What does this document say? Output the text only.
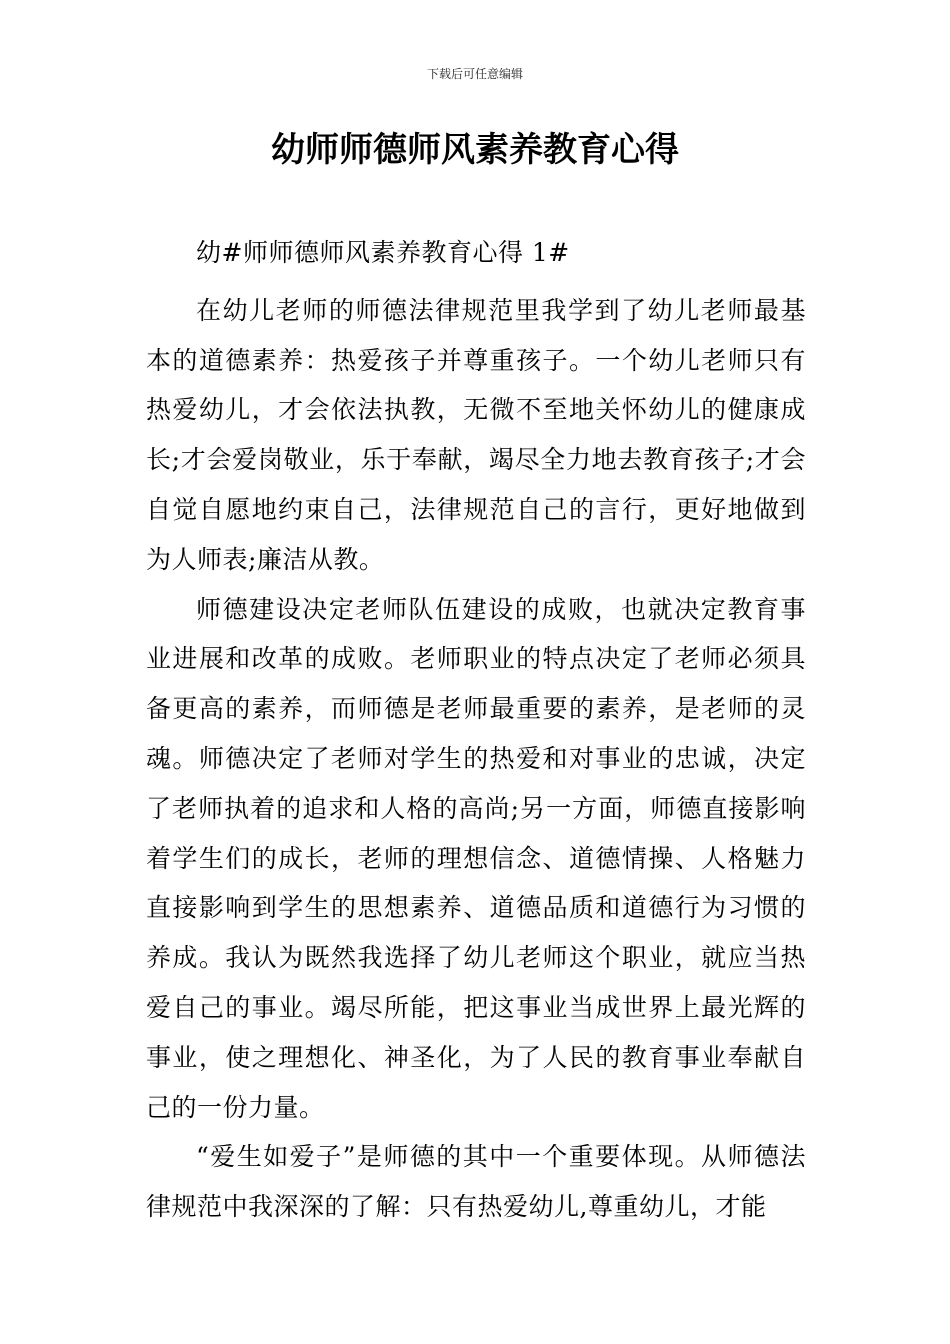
下载后可任意编辑
幼师师德师风素养教育心得

幼#师师德师风素养教育心得 1#

在幼儿老师的师德法律规范里我学到了幼儿老师最基本的道德素养：热爱孩子并尊重孩子。一个幼儿老师只有热爱幼儿，才会依法执教，无微不至地关怀幼儿的健康成长;才会爱岗敬业，乐于奉献，竭尽全力地去教育孩子;才会自觉自愿地约束自己，法律规范自己的言行，更好地做到为人师表;廉洁从教。

师德建设决定老师队伍建设的成败，也就决定教育事业进展和改革的成败。老师职业的特点决定了老师必须具备更高的素养，而师德是老师最重要的素养，是老师的灵魂。师德决定了老师对学生的热爱和对事业的忠诚，决定了老师执着的追求和人格的高尚;另一方面，师德直接影响着学生们的成长，老师的理想信念、道德情操、人格魅力直接影响到学生的思想素养、道德品质和道德行为习惯的养成。我认为既然我选择了幼儿老师这个职业，就应当热爱自己的事业。竭尽所能，把这事业当成世界上最光辉的事业，使之理想化、神圣化，为了人民的教育事业奉献自己的一份力量。

“爱生如爱子”是师德的其中一个重要体现。从师德法律规范中我深深的了解：只有热爱幼儿,尊重幼儿，才能
